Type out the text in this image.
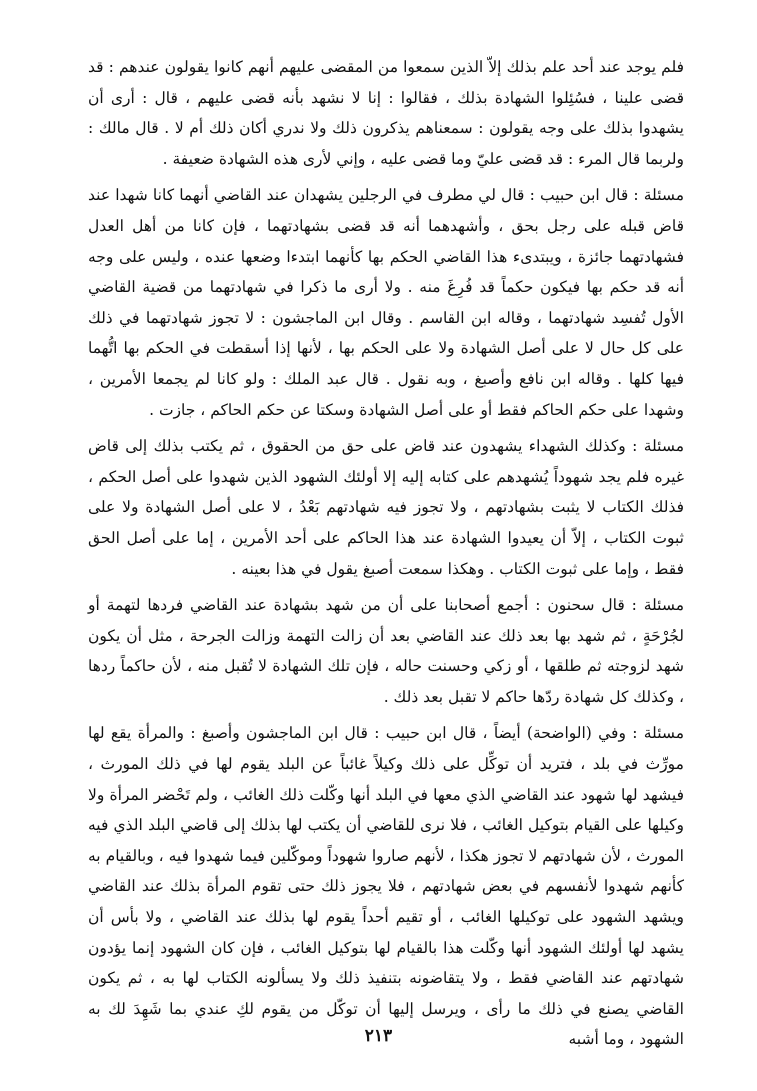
فلم يوجد عند أحد علم بذلك إلاّ الذين سمعوا من المقضى عليهم أنهم كانوا يقولون عندهم : قد قضى علينا ، فسُئِلوا الشهادة بذلك ، فقالوا : إنا لا نشهد بأنه قضى عليهم ، قال : أرى أن يشهدوا بذلك على وجه يقولون : سمعناهم يذكرون ذلك ولا ندري أكان ذلك أم لا . قال مالك : ولربما قال المرء : قد قضى عليّ وما قضى عليه ، وإني لأرى هذه الشهادة ضعيفة .

مسئلة : قال ابن حبيب : قال لي مطرف في الرجلين يشهدان عند القاضي أنهما كانا شهدا عند قاض قبله على رجل بحق ، وأشهدهما أنه قد قضى بشهادتهما ، فإن كانا من أهل العدل فشهادتهما جائزة ، ويبتدىء هذا القاضي الحكم بها كأنهما ابتدءا وضعها عنده ، وليس على وجه أنه قد حكم بها فيكون حكماً قد فُرِغَ منه . ولا أرى ما ذكرا في شهادتهما من قضية القاضي الأول تُفسِد شهادتهما ، وقاله ابن القاسم . وقال ابن الماجشون : لا تجوز شهادتهما في ذلك على كل حال لا على أصل الشهادة ولا على الحكم بها ، لأنها إذا أسقطت في الحكم بها اتُّهما فيها كلها . وقاله ابن نافع وأصبغ ، وبه نقول . قال عبد الملك : ولو كانا لم يجمعا الأمرين ، وشهدا على حكم الحاكم فقط أو على أصل الشهادة وسكتا عن حكم الحاكم ، جازت .

مسئلة : وكذلك الشهداء يشهدون عند قاض على حق من الحقوق ، ثم يكتب بذلك إلى قاض غيره فلم يجد شهوداً يُشهدهم على كتابه إليه إلا أولئك الشهود الذين شهدوا على أصل الحكم ، فذلك الكتاب لا يثبت بشهادتهم ، ولا تجوز فيه شهادتهم بَعْدُ ، لا على أصل الشهادة ولا على ثبوت الكتاب ، إلاّ أن يعيدوا الشهادة عند هذا الحاكم على أحد الأمرين ، إما على أصل الحق فقط ، وإما على ثبوت الكتاب . وهكذا سمعت أصبغ يقول في هذا بعينه .

مسئلة : قال سحنون : أجمع أصحابنا على أن من شهد بشهادة عند القاضي فردها لتهمة أو لجُرْحَةٍ ، ثم شهد بها بعد ذلك عند القاضي بعد أن زالت التهمة وزالت الجرحة ، مثل أن يكون شهد لزوجته ثم طلقها ، أو زكي وحسنت حاله ، فإن تلك الشهادة لا تُقبل منه ، لأن حاكماً ردها ، وكذلك كل شهادة ردّها حاكم لا تقبل بعد ذلك .

مسئلة : وفي (الواضحة) أيضاً ، قال ابن حبيب : قال ابن الماجشون وأصبغ : والمرأة يقع لها مورِّث في بلد ، فتريد أن توكِّل على ذلك وكيلاً غائباً عن البلد يقوم لها في ذلك المورث ، فيشهد لها شهود عند القاضي الذي معها في البلد أنها وكّلت ذلك الغائب ، ولم تَحْضر المرأة ولا وكيلها على القيام بتوكيل الغائب ، فلا نرى للقاضي أن يكتب لها بذلك إلى قاضي البلد الذي فيه المورث ، لأن شهادتهم لا تجوز هكذا ، لأنهم صاروا شهوداً وموكّلين فيما شهدوا فيه ، وبالقيام به كأنهم شهدوا لأنفسهم في بعض شهادتهم ، فلا يجوز ذلك حتى تقوم المرأة بذلك عند القاضي ويشهد الشهود على توكيلها الغائب ، أو تقيم أحداً يقوم لها بذلك عند القاضي ، ولا بأس أن يشهد لها أولئك الشهود أنها وكّلت هذا بالقيام لها بتوكيل الغائب ، فإن كان الشهود إنما يؤدون شهادتهم عند القاضي فقط ، ولا يتقاضونه بتنفيذ ذلك ولا يسألونه الكتاب لها به ، ثم يكون القاضي يصنع في ذلك ما رأى ، ويرسل إليها أن توكّل من يقوم لكِ عندي بما شَهِدَ لك به الشهود ، وما أشبه

٢١٣
